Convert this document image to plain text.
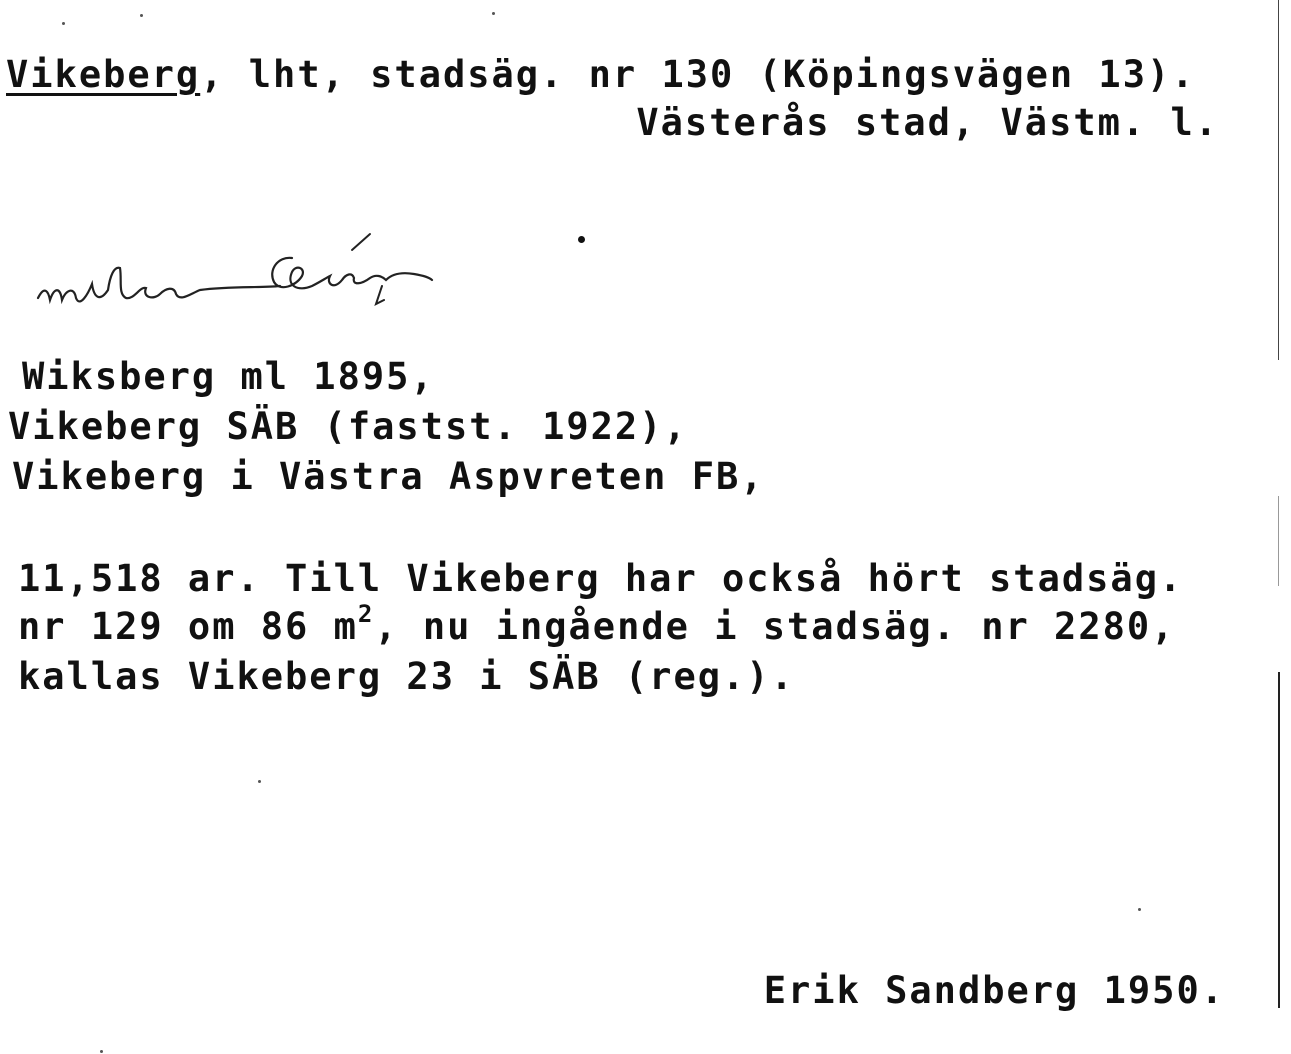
Vikeberg, lht, stadsäg. nr 130 (Köpingsvägen 13).
Västerås stad, Västm. l.
Wiksberg ml 1895,
Vikeberg SÄB (fastst. 1922),
Vikeberg i Västra Aspvreten FB,
11,518 ar. Till Vikeberg har också hört stadsäg.
nr 129 om 86 $m^2$, nu ingående i stadsäg. nr 2280,
kallas Vikeberg 23 i SÄB (reg.).
Erik Sandberg 1950.
